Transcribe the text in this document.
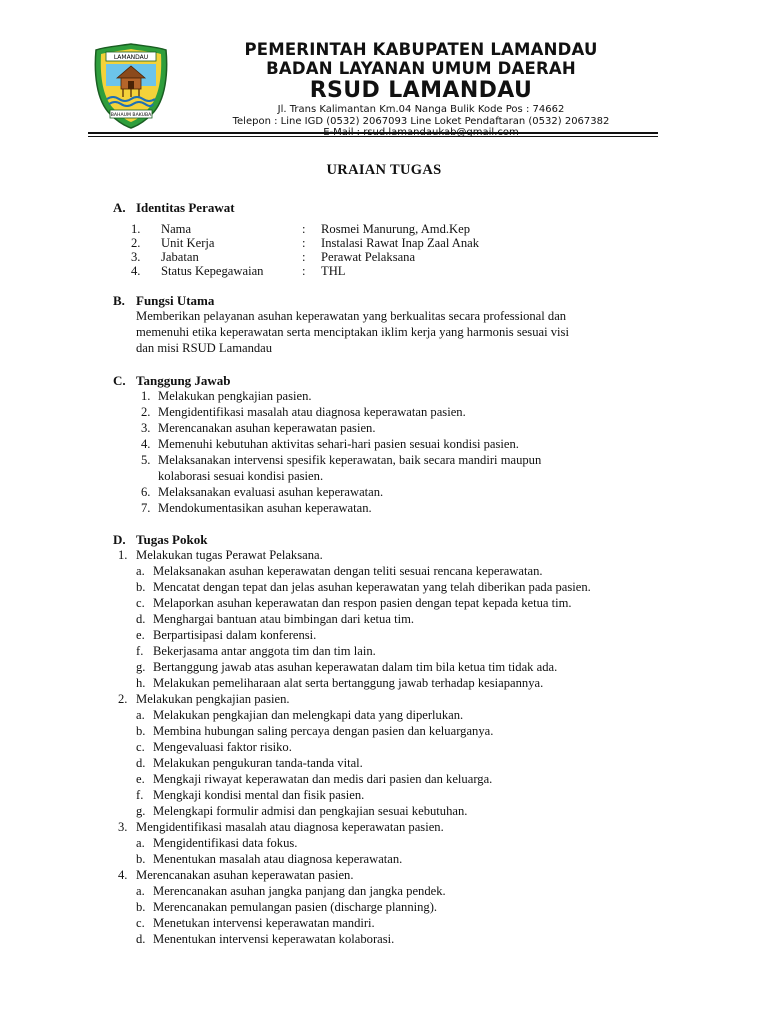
LAMANDAU
BAHAUM BAKUBA
PEMERINTAH KABUPATEN LAMANDAU
BADAN LAYANAN UMUM DAERAH
RSUD LAMANDAU
Jl. Trans Kalimantan Km.04 Nanga Bulik Kode Pos : 74662
Telepon : Line IGD (0532) 2067093 Line Loket Pendaftaran (0532) 2067382
E-Mail : rsud.lamandaukab@gmail.com
URAIAN TUGAS
A. Identitas Perawat
1. Nama	: Rosmei Manurung, Amd.Kep
2. Unit Kerja	: Instalasi Rawat Inap Zaal Anak
3. Jabatan	: Perawat Pelaksana
4. Status Kepegawaian	: THL
B. Fungsi Utama
Memberikan pelayanan asuhan keperawatan yang berkualitas secara professional dan
memenuhi etika keperawatan serta menciptakan iklim kerja yang harmonis sesuai visi
dan misi RSUD Lamandau
C. Tanggung Jawab
1. Melakukan pengkajian pasien.
2. Mengidentifikasi masalah atau diagnosa keperawatan pasien.
3. Merencanakan asuhan keperawatan pasien.
4. Memenuhi kebutuhan aktivitas sehari-hari pasien sesuai kondisi pasien.
5. Melaksanakan intervensi spesifik keperawatan, baik secara mandiri maupun
kolaborasi sesuai kondisi pasien.
6. Melaksanakan evaluasi asuhan keperawatan.
7. Mendokumentasikan asuhan keperawatan.
D. Tugas Pokok
1. Melakukan tugas Perawat Pelaksana.
a. Melaksanakan asuhan keperawatan dengan teliti sesuai rencana keperawatan.
b. Mencatat dengan tepat dan jelas asuhan keperawatan yang telah diberikan pada pasien.
c. Melaporkan asuhan keperawatan dan respon pasien dengan tepat kepada ketua tim.
d. Menghargai bantuan atau bimbingan dari ketua tim.
e. Berpartisipasi dalam konferensi.
f. Bekerjasama antar anggota tim dan tim lain.
g. Bertanggung jawab atas asuhan keperawatan dalam tim bila ketua tim tidak ada.
h. Melakukan pemeliharaan alat serta bertanggung jawab terhadap kesiapannya.
2. Melakukan pengkajian pasien.
a. Melakukan pengkajian dan melengkapi data yang diperlukan.
b. Membina hubungan saling percaya dengan pasien dan keluarganya.
c. Mengevaluasi faktor risiko.
d. Melakukan pengukuran tanda-tanda vital.
e. Mengkaji riwayat keperawatan dan medis dari pasien dan keluarga.
f. Mengkaji kondisi mental dan fisik pasien.
g. Melengkapi formulir admisi dan pengkajian sesuai kebutuhan.
3. Mengidentifikasi masalah atau diagnosa keperawatan pasien.
a. Mengidentifikasi data fokus.
b. Menentukan masalah atau diagnosa keperawatan.
4. Merencanakan asuhan keperawatan pasien.
a. Merencanakan asuhan jangka panjang dan jangka pendek.
b. Merencanakan pemulangan pasien (discharge planning).
c. Menetukan intervensi keperawatan mandiri.
d. Menentukan intervensi keperawatan kolaborasi.
